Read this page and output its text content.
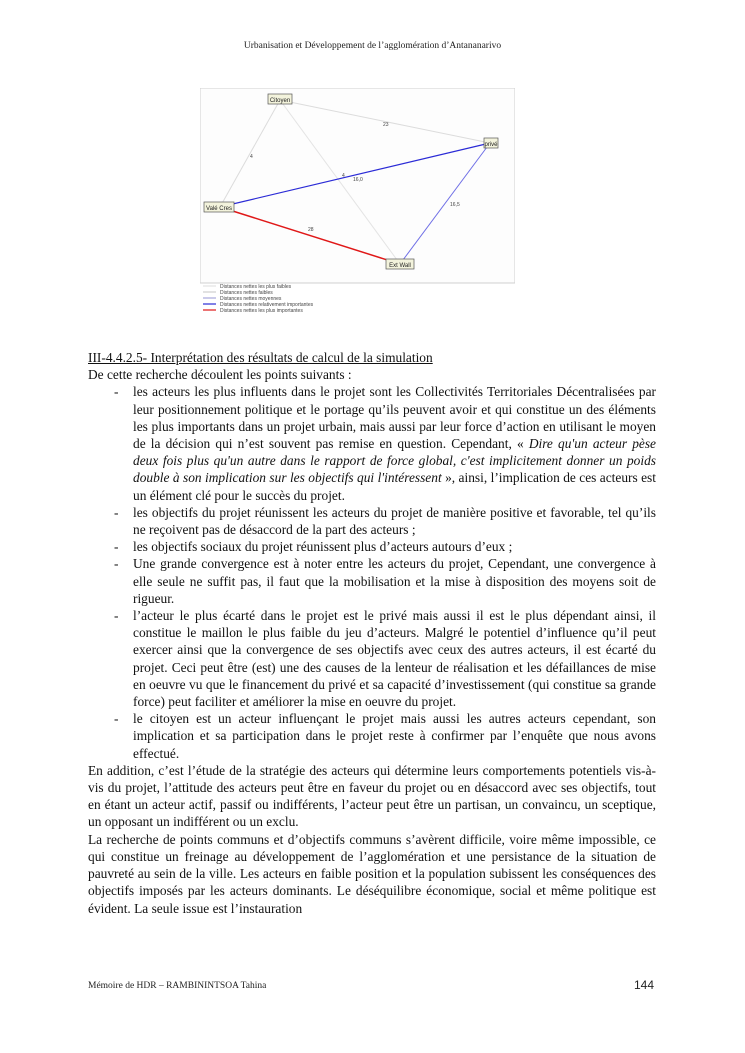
Urbanisation et Développement de l’agglomération d’Antananarivo
23
4
4
16,0
16,5
28
Citoyen
privé
Valé Cres
Ext Wall
Distances nettes les plus faibles
Distances nettes faibles
Distances nettes moyennes
Distances nettes relativement importantes
Distances nettes les plus importantes

III-4.4.2.5- Interprétation des résultats de calcul de la simulation

De cette recherche découlent les points suivants :

- les acteurs les plus influents dans le projet sont les Collectivités Territoriales Décentralisées par leur positionnement politique et le portage qu’ils peuvent avoir et qui constitue un des éléments les plus importants dans un projet urbain, mais aussi par leur force d’action en utilisant le moyen de la décision qui n’est souvent pas remise en question. Cependant, « Dire qu'un acteur pèse deux fois plus qu'un autre dans le rapport de force global, c'est implicitement donner un poids double à son implication sur les objectifs qui l'intéressent », ainsi, l’implication de ces acteurs est un élément clé pour le succès du projet.
- les objectifs du projet réunissent les acteurs du projet de manière positive et favorable, tel qu’ils ne reçoivent pas de désaccord de la part des acteurs ;
- les objectifs sociaux du projet réunissent plus d’acteurs autours d’eux ;
- Une grande convergence est à noter entre les acteurs du projet, Cependant, une convergence à elle seule ne suffit pas, il faut que la mobilisation et la mise à disposition des moyens soit de rigueur.
- l’acteur le plus écarté dans le projet est le privé mais aussi il est le plus dépendant ainsi, il constitue le maillon le plus faible du jeu d’acteurs. Malgré le potentiel d’influence qu’il peut exercer ainsi que la convergence de ses objectifs avec ceux des autres acteurs, il est écarté du projet. Ceci peut être (est) une des causes de la lenteur de réalisation et les défaillances de mise en oeuvre vu que le financement du privé et sa capacité d’investissement (qui constitue sa grande force) peut faciliter et améliorer la mise en oeuvre du projet.
- le citoyen est un acteur influençant le projet mais aussi les autres acteurs cependant, son implication et sa participation dans le projet reste à confirmer par l’enquête que nous avons effectué.

En addition, c’est l’étude de la stratégie des acteurs qui détermine leurs comportements potentiels vis-à-vis du projet, l’attitude des acteurs peut être en faveur du projet ou en désaccord avec ses objectifs, tout en étant un acteur actif, passif ou indifférents, l’acteur peut être un partisan, un convaincu, un sceptique, un opposant un indifférent ou un exclu.

La recherche de points communs et d’objectifs communs s’avèrent difficile, voire même impossible, ce qui constitue un freinage au développement de l’agglomération et une persistance de la situation de pauvreté au sein de la ville. Les acteurs en faible position et la population subissent les conséquences des objectifs imposés par les acteurs dominants. Le déséquilibre économique, social et même politique est évident. La seule issue est l’instauration

Mémoire de HDR – RAMBININTSOA Tahina	144
